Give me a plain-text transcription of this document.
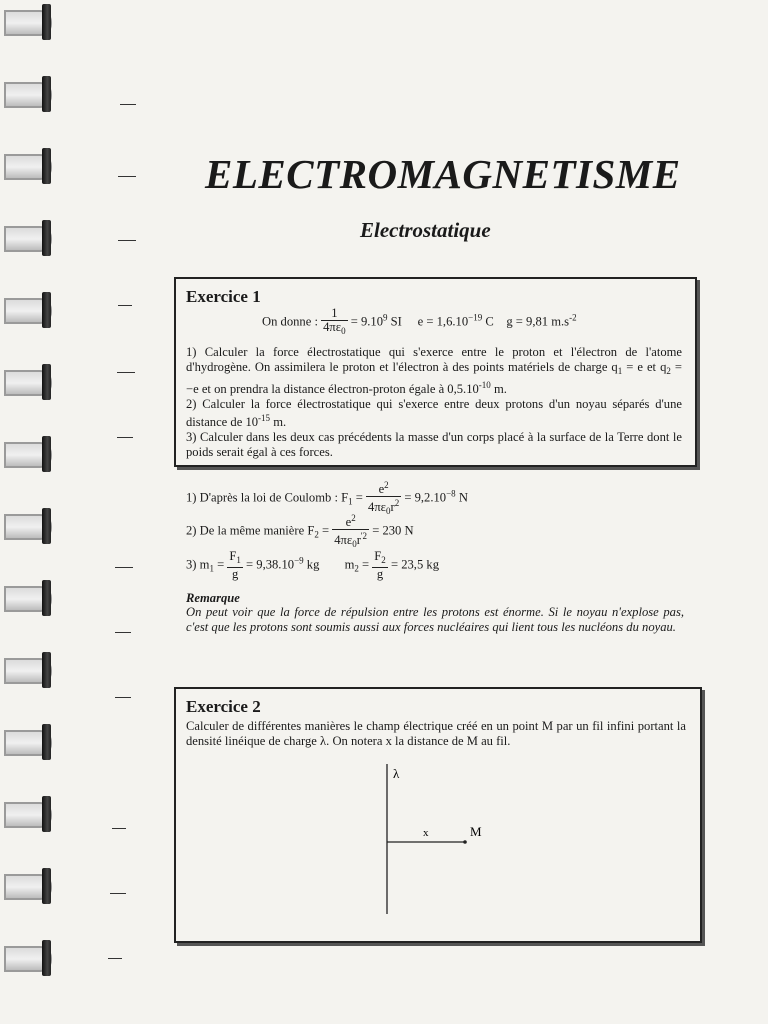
ELECTROMAGNETISME
Electrostatique
Exercice 1
On donne : $\frac{1}{4\pi\varepsilon_0} = 9.10^9$ SI $e = 1,6.10^{-19}$ C g = 9,81 $m.s^{-2}$

1) Calculer la force électrostatique qui s'exerce entre le proton et l'électron de l'atome d'hydrogène. On assimilera le proton et l'électron à des points matériels de charge $q_1 = e$ et $q_2 = -e$ et on prendra la distance électron-proton égale à $0,5.10^{-10}$ m.

2) Calculer la force électrostatique qui s'exerce entre deux protons d'un noyau séparés d'une distance de $10^{-15}$ m.

3) Calculer dans les deux cas précédents la masse d'un corps placé à la surface de la Terre dont le poids serait égal à ces forces.

1) D'après la loi de Coulomb : $F_1 = \frac{e^2}{4\pi\varepsilon_0r^2} = 9,2.10^{-8}$ N
2) De la même manière $F_2 = \frac{e^2}{4\pi\varepsilon_0r^{'2}} = 230$ N
3) $m_1 = \frac{F_1}{g} = 9,38.10^{-9}$ kg $m_2 = \frac{F_2}{g} = 23,5$ kg
Remarque

On peut voir que la force de répulsion entre les protons est énorme. Si le noyau n'explose pas, c'est que les protons sont soumis aussi aux forces nucléaires qui lient tous les nucléons du noyau.

Exercice 2

Calculer de différentes manières le champ électrique créé en un point M par un fil infini portant la densité linéique de charge λ. On notera x la distance de M au fil.

λ
x	M
